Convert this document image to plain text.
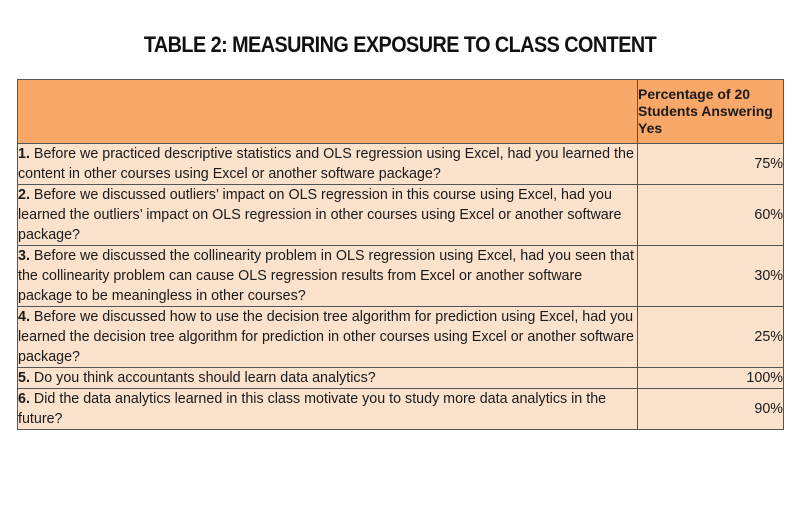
TABLE 2: MEASURING EXPOSURE TO CLASS CONTENT
	Percentage of 20 Students Answering Yes
1. Before we practiced descriptive statistics and OLS regression using Excel, had you learned the content in other courses using Excel or another software package?	75%
2. Before we discussed outliers’ impact on OLS regression in this course using Excel, had you learned the outliers’ impact on OLS regression in other courses using Excel or another software package?	60%
3. Before we discussed the collinearity problem in OLS regression using Excel, had you seen that the collinearity problem can cause OLS regression results from Excel or another software package to be meaningless in other courses?	30%
4. Before we discussed how to use the decision tree algorithm for prediction using Excel, had you learned the decision tree algorithm for prediction in other courses using Excel or another software package?	25%
5. Do you think accountants should learn data analytics?	100%
6. Did the data analytics learned in this class motivate you to study more data analytics in the future?	90%
